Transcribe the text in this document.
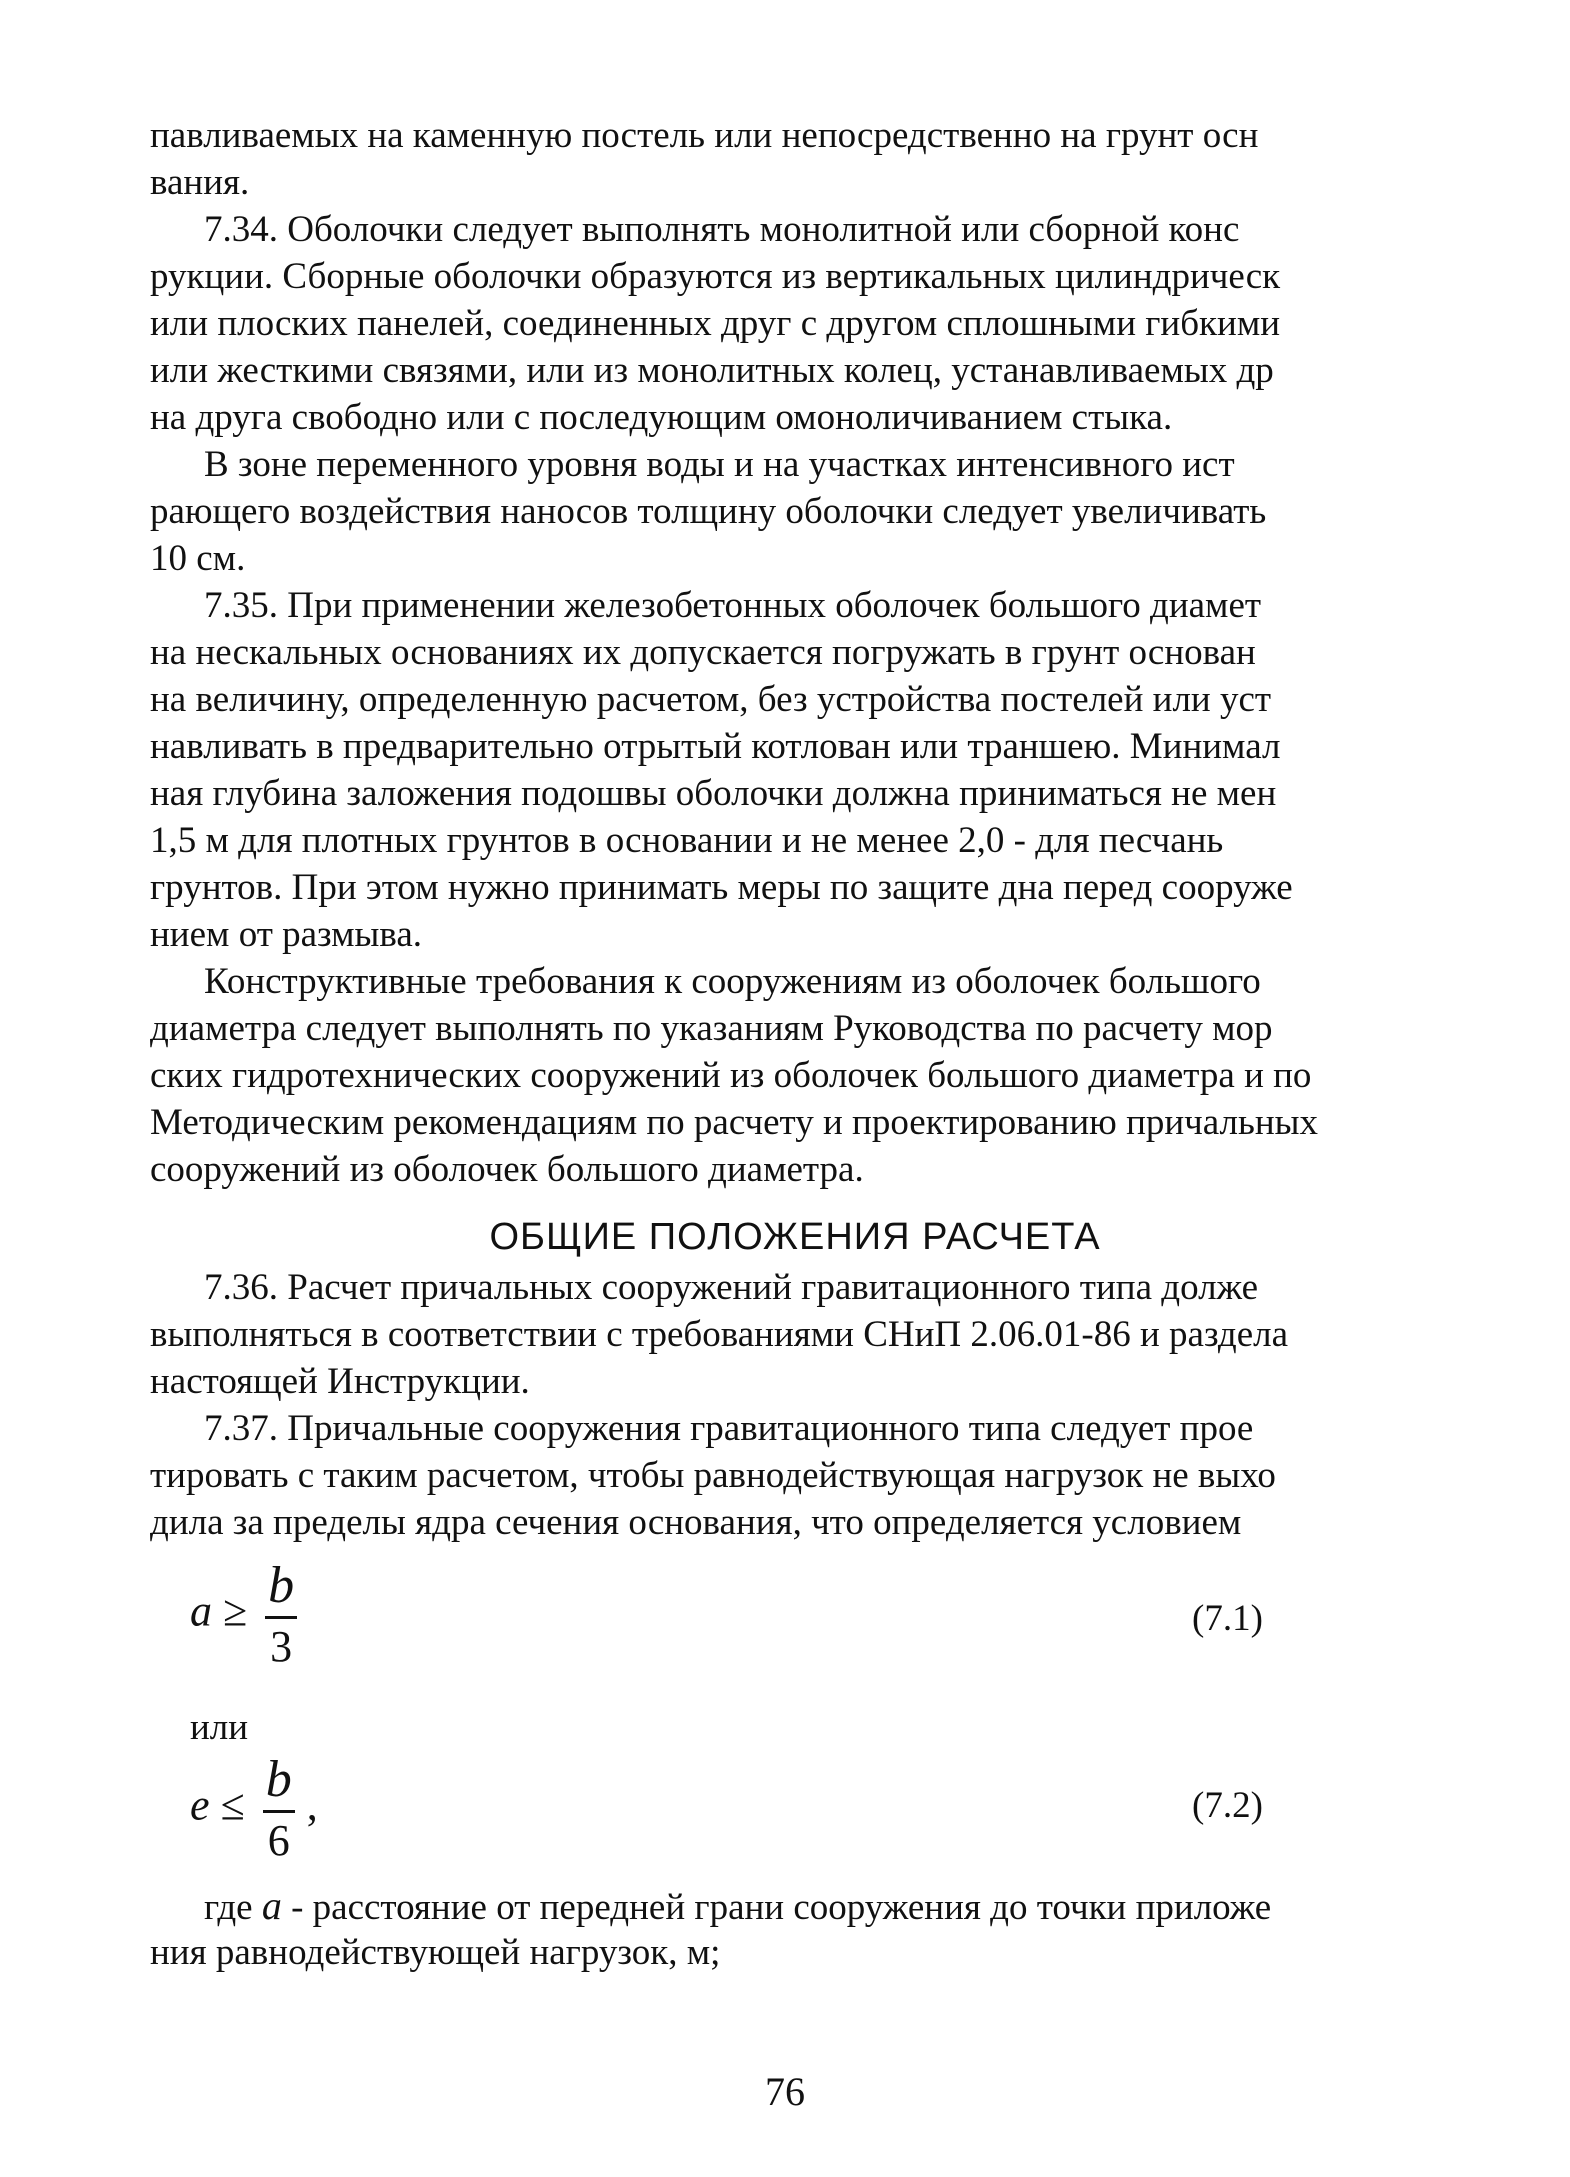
павливаемых на каменную постель или непосредственно на грунт осн
вания.
7.34. Оболочки следует выполнять монолитной или сборной конс
рукции. Сборные оболочки образуются из вертикальных цилиндрическ
или плоских панелей, соединенных друг с другом сплошными гибкими
или жесткими связями, или из монолитных колец, устанавливаемых др
на друга свободно или с последующим омоноличиванием стыка.
В зоне переменного уровня воды и на участках интенсивного ист
рающего воздействия наносов толщину оболочки следует увеличивать
10 см.
7.35. При применении железобетонных оболочек большого диамет
на нескальных основаниях их допускается погружать в грунт основан
на величину, определенную расчетом, без устройства постелей или уст
навливать в предварительно отрытый котлован или траншею. Минимал
ная глубина заложения подошвы оболочки должна приниматься не мен
1,5 м для плотных грунтов в основании и не менее 2,0 - для песчань
грунтов. При этом нужно принимать меры по защите дна перед сооруже
нием от размыва.
Конструктивные требования к сооружениям из оболочек большого
диаметра следует выполнять по указаниям Руководства по расчету мор
ских гидротехнических сооружений из оболочек большого диаметра и по
Методическим рекомендациям по расчету и проектированию причальных
сооружений из оболочек большого диаметра.
ОБЩИЕ ПОЛОЖЕНИЯ РАСЧЕТА
7.36. Расчет причальных сооружений гравитационного типа долже
выполняться в соответствии с требованиями СНиП 2.06.01-86 и раздела
настоящей Инструкции.
7.37. Причальные сооружения гравитационного типа следует прое
тировать с таким расчетом, чтобы равнодействующая нагрузок не выхо
дила за пределы ядра сечения основания, что определяется условием
$a \ge \frac{b}{3}$	(7.1)
или
$e \le \frac{b}{6}$ ,	(7.2)
где a - расстояние от передней грани сооружения до точки приложе
ния равнодействующей нагрузок, м;
76
